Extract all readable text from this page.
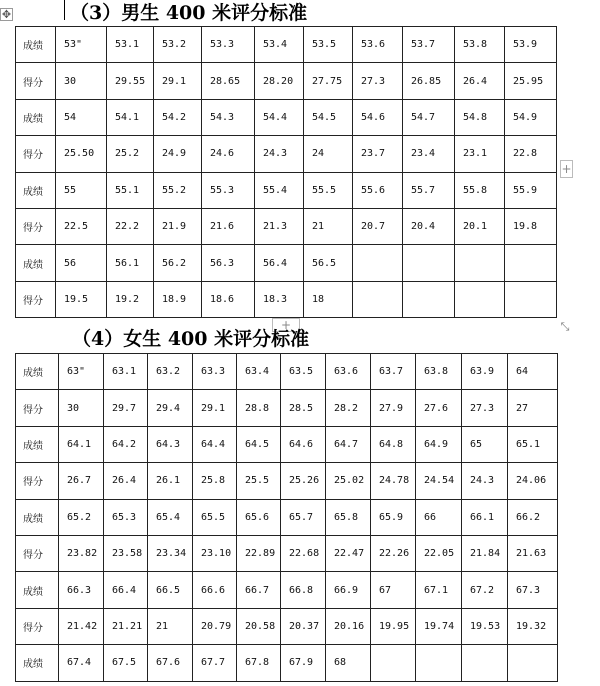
✥	（3）男生 400 米评分标准
成绩	53"	53.1	53.2	53.3	53.4	53.5	53.6	53.7	53.8	53.9
得分	30	29.55	29.1	28.65	28.20	27.75	27.3	26.85	26.4	25.95
成绩	54	54.1	54.2	54.3	54.4	54.5	54.6	54.7	54.8	54.9
得分	25.50	25.2	24.9	24.6	24.3	24	23.7	23.4	23.1	22.8
成绩	55	55.1	55.2	55.3	55.4	55.5	55.6	55.7	55.8	55.9
得分	22.5	22.2	21.9	21.6	21.3	21	20.7	20.4	20.1	19.8
成绩	56	56.1	56.2	56.3	56.4	56.5				
得分	19.5	19.2	18.9	18.6	18.3	18				
+
+	⤡
（4）女生 400 米评分标准
成绩	63"	63.1	63.2	63.3	63.4	63.5	63.6	63.7	63.8	63.9	64
得分	30	29.7	29.4	29.1	28.8	28.5	28.2	27.9	27.6	27.3	27
成绩	64.1	64.2	64.3	64.4	64.5	64.6	64.7	64.8	64.9	65	65.1
得分	26.7	26.4	26.1	25.8	25.5	25.26	25.02	24.78	24.54	24.3	24.06
成绩	65.2	65.3	65.4	65.5	65.6	65.7	65.8	65.9	66	66.1	66.2
得分	23.82	23.58	23.34	23.10	22.89	22.68	22.47	22.26	22.05	21.84	21.63
成绩	66.3	66.4	66.5	66.6	66.7	66.8	66.9	67	67.1	67.2	67.3
得分	21.42	21.21	21	20.79	20.58	20.37	20.16	19.95	19.74	19.53	19.32
成绩	67.4	67.5	67.6	67.7	67.8	67.9	68				
